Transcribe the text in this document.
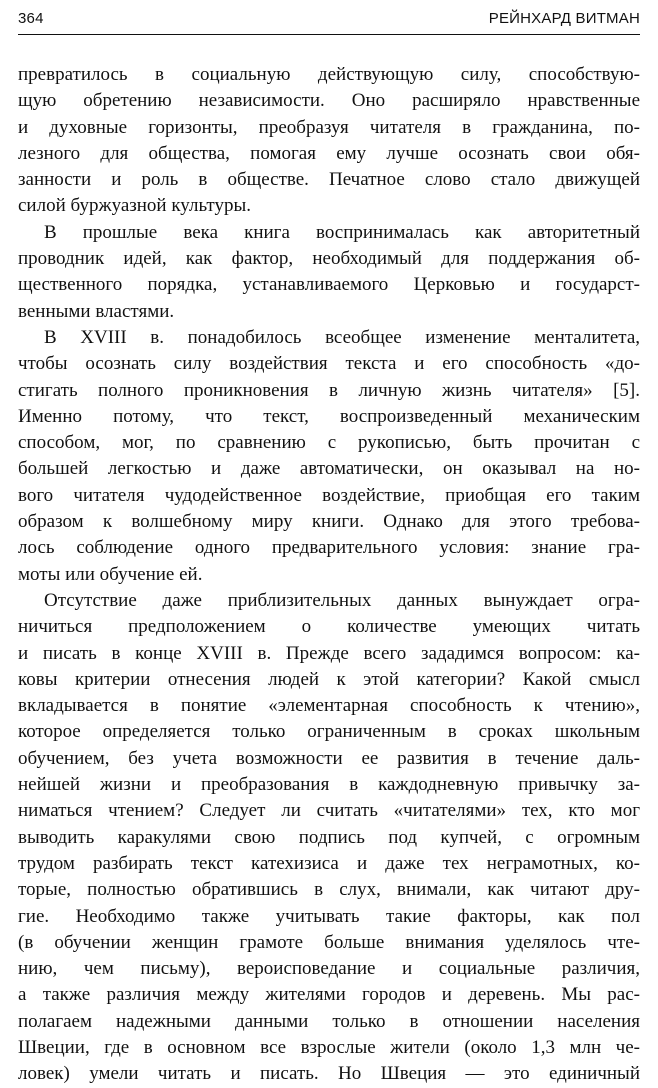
364	РЕЙНХАРД ВИТМАН

превратилось в социальную действующую силу, способствую-
щую обретению независимости. Оно расширяло нравственные
и духовные горизонты, преобразуя читателя в гражданина, по-
лезного для общества, помогая ему лучше осознать свои обя-
занности и роль в обществе. Печатное слово стало движущей
силой буржуазной культуры.

В прошлые века книга воспринималась как авторитетный
проводник идей, как фактор, необходимый для поддержания об-
щественного порядка, устанавливаемого Церковью и государст-
венными властями.

В XVIII в. понадобилось всеобщее изменение менталитета,
чтобы осознать силу воздействия текста и его способность «до-
стигать полного проникновения в личную жизнь читателя» [5].
Именно потому, что текст, воспроизведенный механическим
способом, мог, по сравнению с рукописью, быть прочитан с
большей легкостью и даже автоматически, он оказывал на но-
вого читателя чудодейственное воздействие, приобщая его таким
образом к волшебному миру книги. Однако для этого требова-
лось соблюдение одного предварительного условия: знание гра-
моты или обучение ей.

Отсутствие даже приблизительных данных вынуждает огра-
ничиться предположением о количестве умеющих читать
и писать в конце XVIII в. Прежде всего зададимся вопросом: ка-
ковы критерии отнесения людей к этой категории? Какой смысл
вкладывается в понятие «элементарная способность к чтению»,
которое определяется только ограниченным в сроках школьным
обучением, без учета возможности ее развития в течение даль-
нейшей жизни и преобразования в каждодневную привычку за-
ниматься чтением? Следует ли считать «читателями» тех, кто мог
выводить каракулями свою подпись под купчей, с огромным
трудом разбирать текст катехизиса и даже тех неграмотных, ко-
торые, полностью обратившись в слух, внимали, как читают дру-
гие. Необходимо также учитывать такие факторы, как пол
(в обучении женщин грамоте больше внимания уделялось чте-
нию, чем письму), вероисповедание и социальные различия,
а также различия между жителями городов и деревень. Мы рас-
полагаем надежными данными только в отношении населения
Швеции, где в основном все взрослые жители (около 1,3 млн че-
ловек) умели читать и писать. Но Швеция — это единичный
